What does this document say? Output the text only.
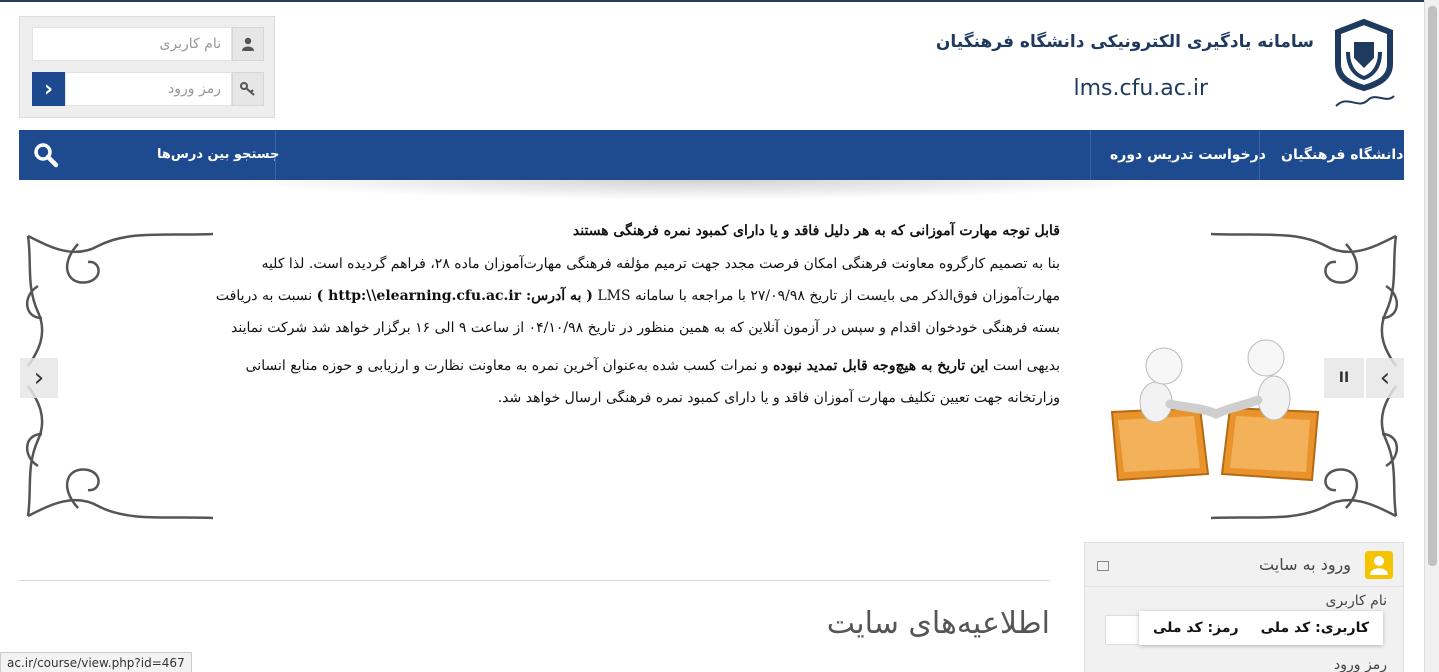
سامانه یادگیری الکترونیکی دانشگاه فرهنگیان
lms.cfu.ac.ir
نام کاربری
›	رمز ورود
دانشگاه فرهنگیان
درخواست تدریس دوره
جستجو بین درس‌ها
›	‹
II
قابل توجه مهارت آموزانی که به هر دلیل فاقد و یا دارای کمبود نمره فرهنگی هستند

بنا به تصمیم کارگروه معاونت فرهنگی امکان فرصت مجدد جهت ترمیم مؤلفه فرهنگی مهارت‌آموزان ماده ۲۸، فراهم گردیده است. لذا کلیه مهارت‌آموزان فوق‌الذکر می بایست از تاریخ ۲۷/۰۹/۹۸ با مراجعه با سامانه LMS ( به آدرس: http:\\elearning.cfu.ac.ir ) نسبت به دریافت بسته فرهنگی خودخوان اقدام و سپس در آزمون آنلاین که به همین منظور در تاریخ ۰۴/۱۰/۹۸ از ساعت ۹ الی ۱۶ برگزار خواهد شد شرکت نمایند

بدیهی است این تاریخ به هیچ‌وجه قابل تمدید نبوده و نمرات کسب شده به‌عنوان آخرین نمره به معاونت نظارت و ارزیابی و حوزه منابع انسانی وزارتخانه جهت تعیین تکلیف مهارت آموزان فاقد و یا دارای کمبود نمره فرهنگی ارسال خواهد شد.

اطلاعیه‌های سایت
ورود به سایت
نام کاربری
رمز ورود
کاربری: کد ملی
رمز: کد ملی
ac.ir/course/view.php?id=467
